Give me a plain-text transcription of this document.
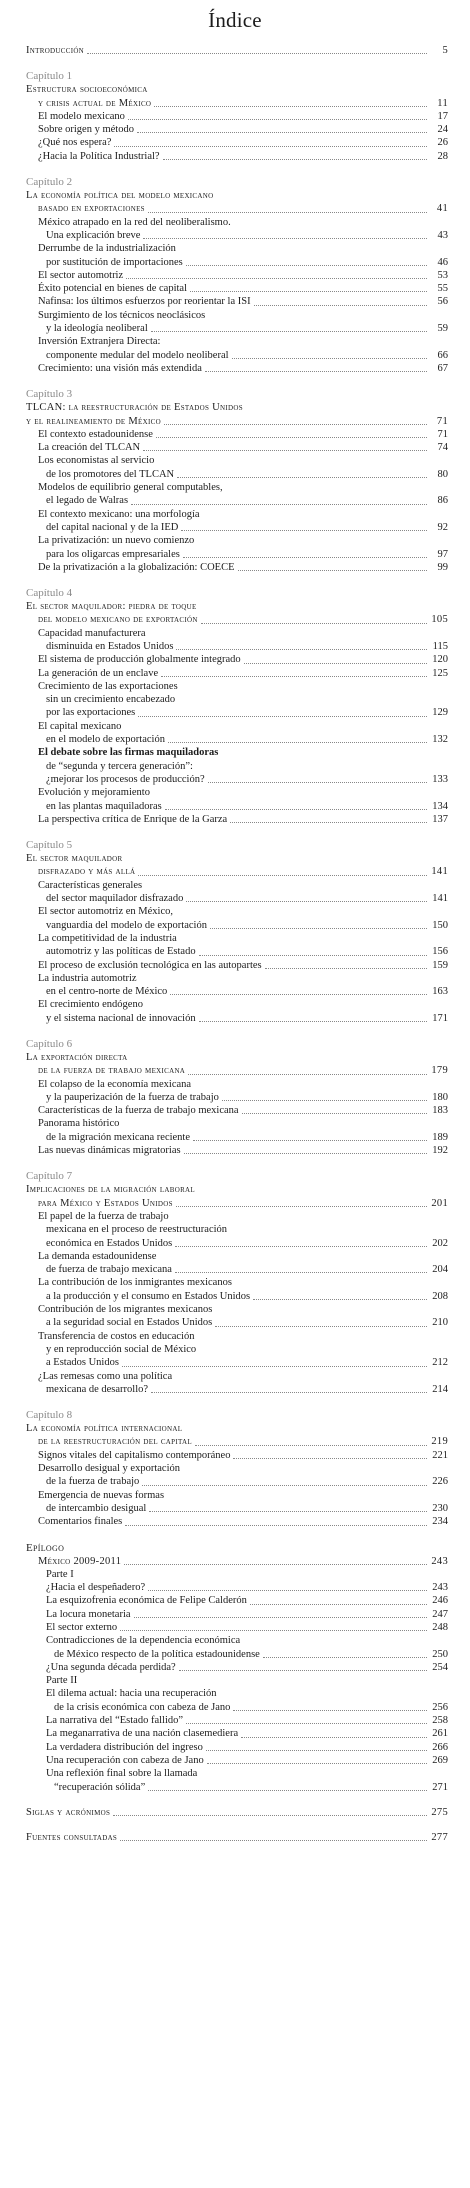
Índice
Introducción	5
Capítulo 1
Estructura socioeconómica
y crisis actual de México	11
El modelo mexicano	17
Sobre origen y método	24
¿Qué nos espera?	26
¿Hacia la Política Industrial?	28
Capítulo 2
La economía política del modelo mexicano
basado en exportaciones	41
México atrapado en la red del neoliberalismo.
Una explicación breve	43
Derrumbe de la industrialización
por sustitución de importaciones	46
El sector automotriz	53
Éxito potencial en bienes de capital	55
Nafinsa: los últimos esfuerzos por reorientar la ISI	56
Surgimiento de los técnicos neoclásicos
y la ideología neoliberal	59
Inversión Extranjera Directa:
componente medular del modelo neoliberal	66
Crecimiento: una visión más extendida	67
Capítulo 3
TLCAN: la reestructuración de Estados Unidos
y el realineamiento de México	71
El contexto estadounidense	71
La creación del TLCAN	74
Los economistas al servicio
de los promotores del TLCAN	80
Modelos de equilibrio general computables,
el legado de Walras	86
El contexto mexicano: una morfología
del capital nacional y de la IED	92
La privatización: un nuevo comienzo
para los oligarcas empresariales	97
De la privatización a la globalización: COECE	99
Capítulo 4
El sector maquilador: piedra de toque
del modelo mexicano de exportación	105
Capacidad manufacturera
disminuida en Estados Unidos	115
El sistema de producción globalmente integrado	120
La generación de un enclave	125
Crecimiento de las exportaciones
sin un crecimiento encabezado
por las exportaciones	129
El capital mexicano
en el modelo de exportación	132
El debate sobre las firmas maquiladoras
de “segunda y tercera generación”:
¿mejorar los procesos de producción?	133
Evolución y mejoramiento
en las plantas maquiladoras	134
La perspectiva crítica de Enrique de la Garza	137
Capítulo 5
El sector maquilador
disfrazado y más allá	141
Características generales
del sector maquilador disfrazado	141
El sector automotriz en México,
vanguardia del modelo de exportación	150
La competitividad de la industria
automotriz y las políticas de Estado	156
El proceso de exclusión tecnológica en las autopartes	159
La industria automotriz
en el centro-norte de México	163
El crecimiento endógeno
y el sistema nacional de innovación	171
Capítulo 6
La exportación directa
de la fuerza de trabajo mexicana	179
El colapso de la economía mexicana
y la pauperización de la fuerza de trabajo	180
Características de la fuerza de trabajo mexicana	183
Panorama histórico
de la migración mexicana reciente	189
Las nuevas dinámicas migratorias	192
Capítulo 7
Implicaciones de la migración laboral
para México y Estados Unidos	201
El papel de la fuerza de trabajo
mexicana en el proceso de reestructuración
económica en Estados Unidos	202
La demanda estadounidense
de fuerza de trabajo mexicana	204
La contribución de los inmigrantes mexicanos
a la producción y el consumo en Estados Unidos	208
Contribución de los migrantes mexicanos
a la seguridad social en Estados Unidos	210
Transferencia de costos en educación
y en reproducción social de México
a Estados Unidos	212
¿Las remesas como una política
mexicana de desarrollo?	214
Capítulo 8
La economía política internacional
de la reestructuración del capital	219
Signos vitales del capitalismo contemporáneo	221
Desarrollo desigual y exportación
de la fuerza de trabajo	226
Emergencia de nuevas formas
de intercambio desigual	230
Comentarios finales	234
Epílogo
México 2009-2011	243
Parte I
¿Hacia el despeñadero?	243
La esquizofrenia económica de Felipe Calderón	246
La locura monetaria	247
El sector externo	248
Contradicciones de la dependencia económica
de México respecto de la política estadounidense	250
¿Una segunda década perdida?	254
Parte II
El dilema actual: hacia una recuperación
de la crisis económica con cabeza de Jano	256
La narrativa del “Estado fallido”	258
La meganarrativa de una nación clasemediera	261
La verdadera distribución del ingreso	266
Una recuperación con cabeza de Jano	269
Una reflexión final sobre la llamada
“recuperación sólida”	271
Siglas y acrónimos	275
Fuentes consultadas	277
